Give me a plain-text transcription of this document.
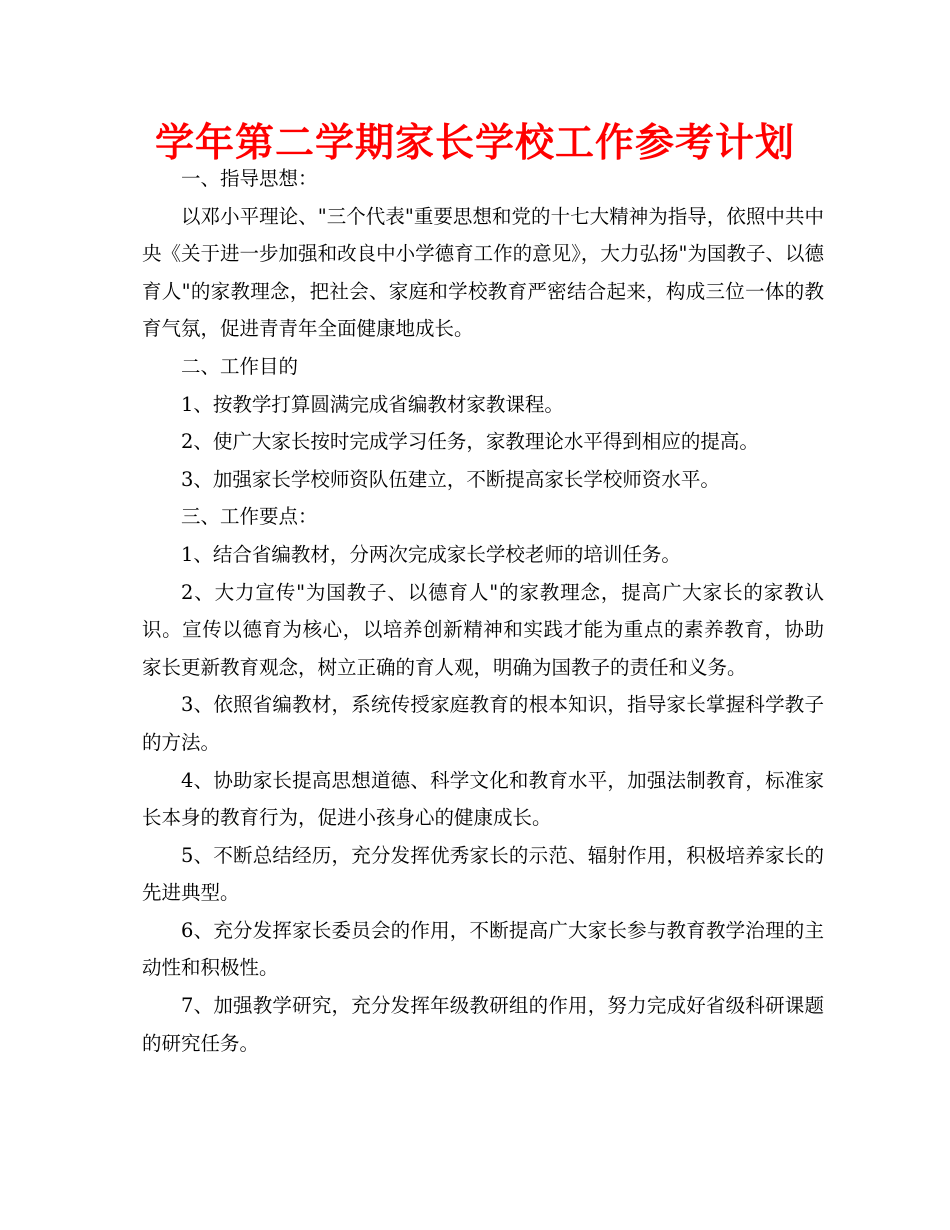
学年第二学期家长学校工作参考计划

一、指导思想：

以邓小平理论、"三个代表"重要思想和党的十七大精神为指导，依照中共中央《关于进一步加强和改良中小学德育工作的意见》，大力弘扬"为国教子、以德育人"的家教理念，把社会、家庭和学校教育严密结合起来，构成三位一体的教育气氛，促进青青年全面健康地成长。

二、工作目的

1、按教学打算圆满完成省编教材家教课程。

2、使广大家长按时完成学习任务，家教理论水平得到相应的提高。

3、加强家长学校师资队伍建立，不断提高家长学校师资水平。

三、工作要点：

1、结合省编教材，分两次完成家长学校老师的培训任务。

2、大力宣传"为国教子、以德育人"的家教理念，提高广大家长的家教认识。宣传以德育为核心，以培养创新精神和实践才能为重点的素养教育，协助家长更新教育观念，树立正确的育人观，明确为国教子的责任和义务。

3、依照省编教材，系统传授家庭教育的根本知识，指导家长掌握科学教子的方法。

4、协助家长提高思想道德、科学文化和教育水平，加强法制教育，标准家长本身的教育行为，促进小孩身心的健康成长。

5、不断总结经历，充分发挥优秀家长的示范、辐射作用，积极培养家长的先进典型。

6、充分发挥家长委员会的作用，不断提高广大家长参与教育教学治理的主动性和积极性。

7、加强教学研究，充分发挥年级教研组的作用，努力完成好省级科研课题的研究任务。
